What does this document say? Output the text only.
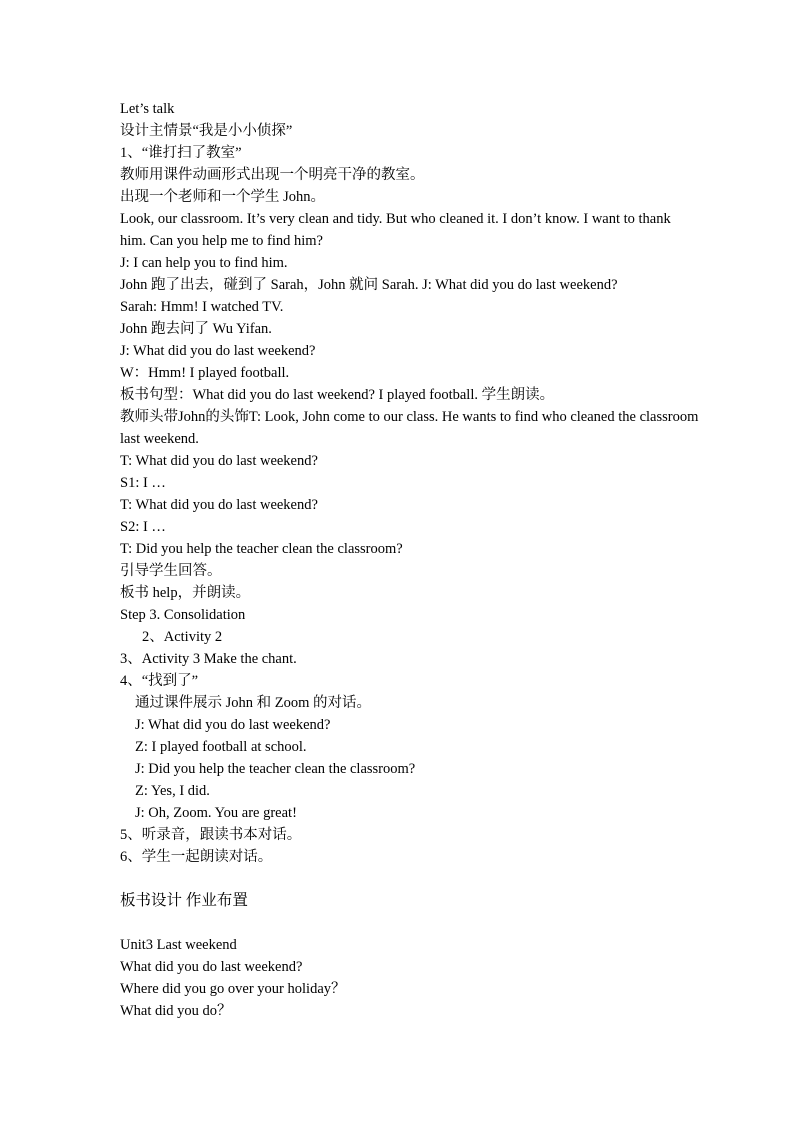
Let’s talk
设计主情景“我是小小侦探”
1、“谁打扫了教室”
教师用课件动画形式出现一个明亮干净的教室。
出现一个老师和一个学生 John。
Look, our classroom. It’s very clean and tidy. But who cleaned it. I don’t know. I want to thank him. Can you help me to find him?
J: I can help you to find him.
John 跑了出去，碰到了 Sarah，John 就问 Sarah. J: What did you do last weekend?
Sarah: Hmm! I watched TV.
John 跑去问了 Wu Yifan.
J: What did you do last weekend?
W：Hmm! I played football.
板书句型：What did you do last weekend? I played football. 学生朗读。
教师头带John的头饰T: Look, John come to our class. He wants to find who cleaned the classroom last weekend.
T: What did you do last weekend?
S1: I …
T: What did you do last weekend?
S2: I …
T: Did you help the teacher clean the classroom?
引导学生回答。
板书 help，并朗读。
Step 3. Consolidation
2、Activity 2
3、Activity 3 Make the chant.
4、“找到了”
通过课件展示 John 和 Zoom 的对话。
J: What did you do last weekend?
Z: I played football at school.
J: Did you help the teacher clean the classroom?
Z: Yes, I did.
J: Oh, Zoom. You are great!
5、听录音，跟读书本对话。
6、学生一起朗读对话。
板书设计 作业布置
Unit3 Last weekend
What did you do last weekend?
Where did you go over your holiday？
What did you do？
